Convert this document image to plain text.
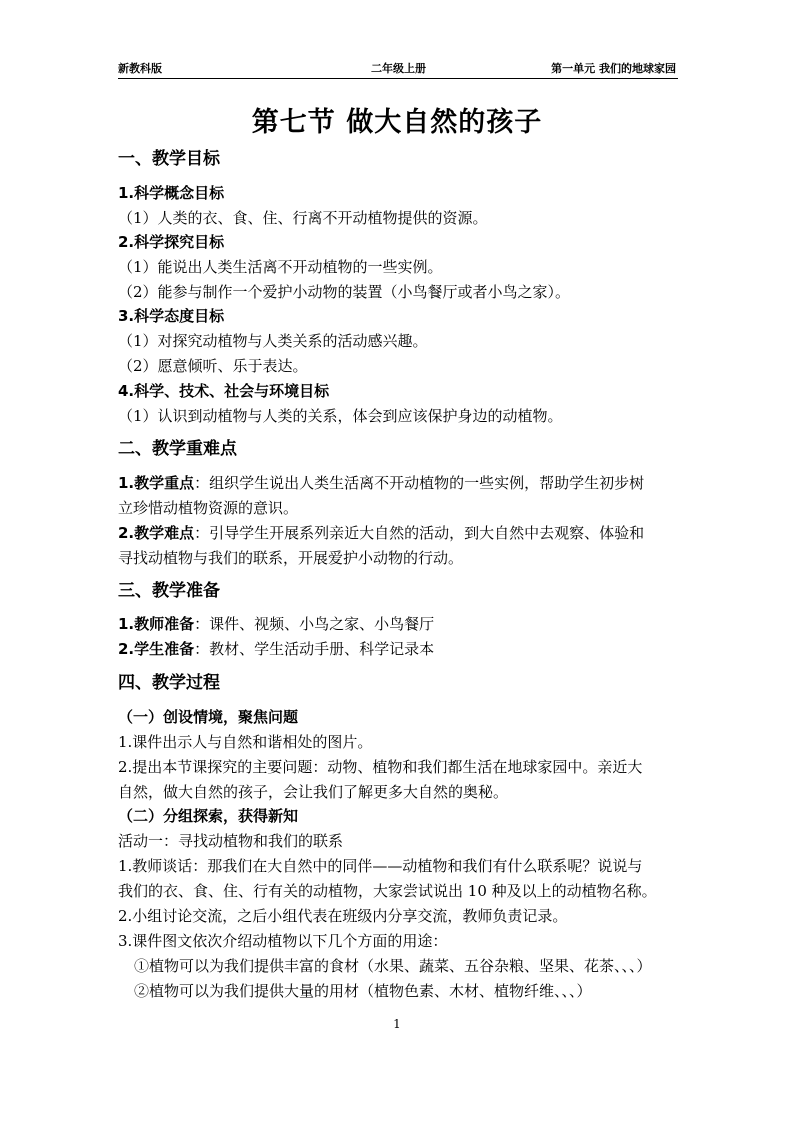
新教科版	二年级上册	第一单元 我们的地球家园
第七节 做大自然的孩子
一、教学目标
1.科学概念目标
（1）人类的衣、食、住、行离不开动植物提供的资源。
2.科学探究目标
（1）能说出人类生活离不开动植物的一些实例。
（2）能参与制作一个爱护小动物的装置（小鸟餐厅或者小鸟之家）。
3.科学态度目标
（1）对探究动植物与人类关系的活动感兴趣。
（2）愿意倾听、乐于表达。
4.科学、技术、社会与环境目标
（1）认识到动植物与人类的关系，体会到应该保护身边的动植物。
二、教学重难点
1.教学重点：组织学生说出人类生活离不开动植物的一些实例，帮助学生初步树
立珍惜动植物资源的意识。
2.教学难点：引导学生开展系列亲近大自然的活动，到大自然中去观察、体验和
寻找动植物与我们的联系，开展爱护小动物的行动。
三、教学准备
1.教师准备：课件、视频、小鸟之家、小鸟餐厅
2.学生准备：教材、学生活动手册、科学记录本
四、教学过程
（一）创设情境，聚焦问题
1.课件出示人与自然和谐相处的图片。
2.提出本节课探究的主要问题：动物、植物和我们都生活在地球家园中。亲近大
自然，做大自然的孩子，会让我们了解更多大自然的奥秘。
（二）分组探索，获得新知
活动一：寻找动植物和我们的联系
1.教师谈话：那我们在大自然中的同伴——动植物和我们有什么联系呢？说说与
我们的衣、食、住、行有关的动植物，大家尝试说出 10 种及以上的动植物名称。
2.小组讨论交流，之后小组代表在班级内分享交流，教师负责记录。
3.课件图文依次介绍动植物以下几个方面的用途：
①植物可以为我们提供丰富的食材（水果、蔬菜、五谷杂粮、坚果、花茶、、、）
②植物可以为我们提供大量的用材（植物色素、木材、植物纤维、、、）
1
